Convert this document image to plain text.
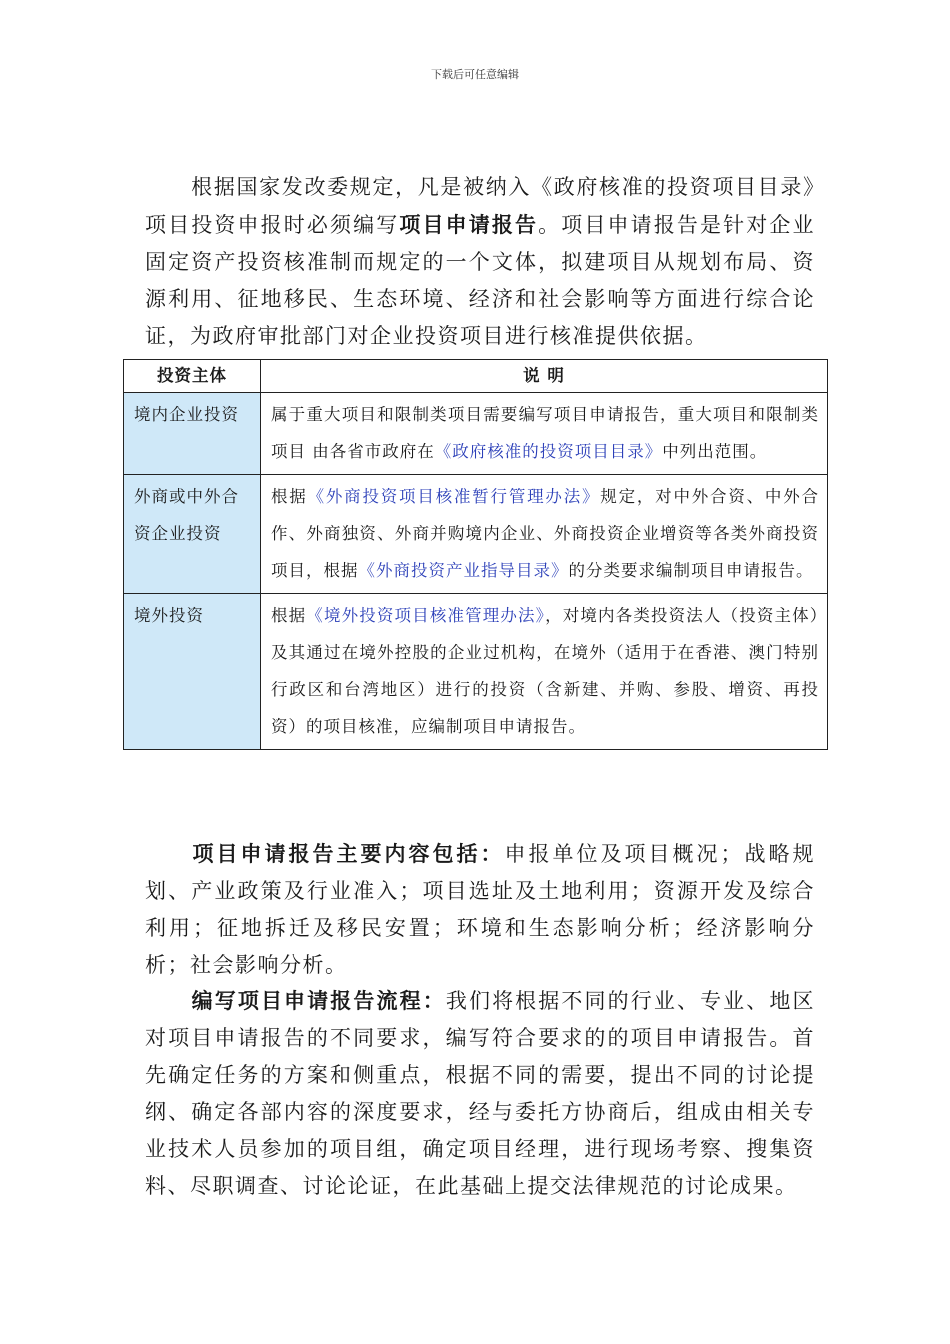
下载后可任意编辑

根据国家发改委规定，凡是被纳入《政府核准的投资项目目录》项目投资申报时必须编写项目申请报告。项目申请报告是针对企业固定资产投资核准制而规定的一个文体，拟建项目从规划布局、资源利用、征地移民、生态环境、经济和社会影响等方面进行综合论证，为政府审批部门对企业投资项目进行核准提供依据。

投资主体	说 明
境内企业投资	属于重大项目和限制类项目需要编写项目申请报告，重大项目和限制类项目 由各省市政府在《政府核准的投资项目目录》中列出范围。
外商或中外合资企业投资	根据《外商投资项目核准暂行管理办法》规定，对中外合资、中外合作、外商独资、外商并购境内企业、外商投资企业增资等各类外商投资项目，根据《外商投资产业指导目录》的分类要求编制项目申请报告。
境外投资	根据《境外投资项目核准管理办法》，对境内各类投资法人（投资主体）及其通过在境外控股的企业过机构，在境外（适用于在香港、澳门特别行政区和台湾地区）进行的投资（含新建、并购、参股、增资、再投资）的项目核准，应编制项目申请报告。

项目申请报告主要内容包括：申报单位及项目概况；战略规划、产业政策及行业准入；项目选址及土地利用；资源开发及综合利用；征地拆迁及移民安置；环境和生态影响分析；经济影响分析；社会影响分析。

编写项目申请报告流程：我们将根据不同的行业、专业、地区对项目申请报告的不同要求，编写符合要求的的项目申请报告。首先确定任务的方案和侧重点，根据不同的需要，提出不同的讨论提纲、确定各部内容的深度要求，经与委托方协商后，组成由相关专业技术人员参加的项目组，确定项目经理，进行现场考察、搜集资料、尽职调查、讨论论证，在此基础上提交法律规范的讨论成果。
